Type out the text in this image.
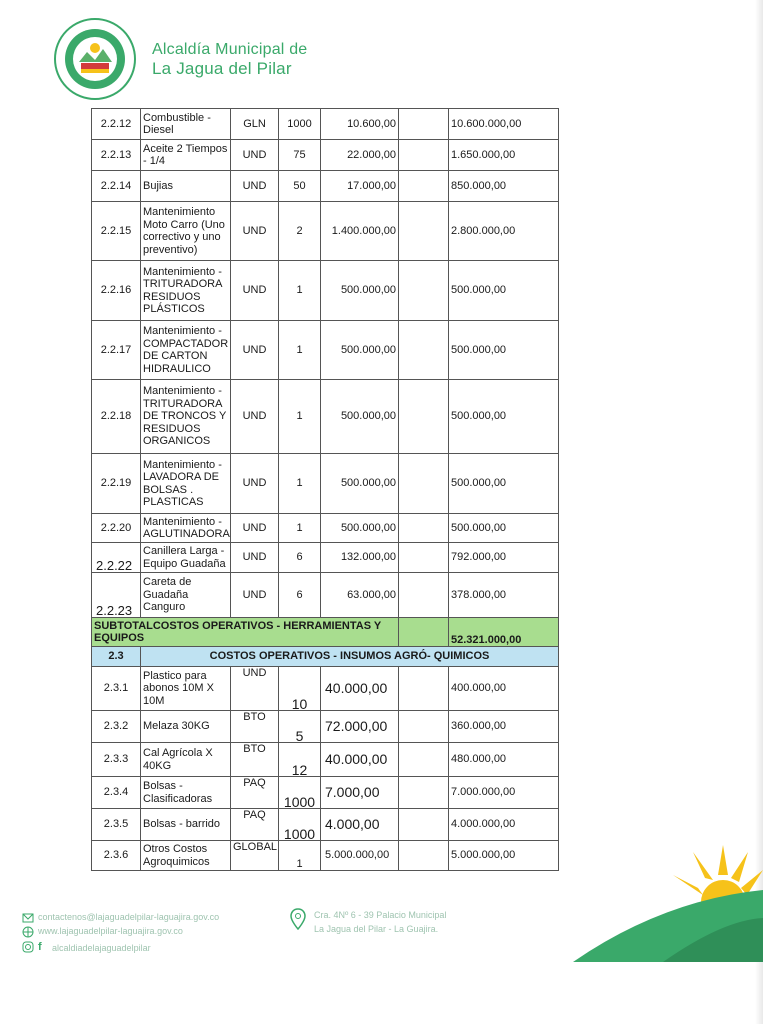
Alcaldía Municipal de
La Jagua del Pilar
2.2.12	Combustible - Diesel	GLN	1000	10.600,00		10.600.000,00
2.2.13	Aceite 2 Tiempos - 1/4	UND	75	22.000,00		1.650.000,00
2.2.14	Bujias	UND	50	17.000,00		850.000,00
2.2.15	Mantenimiento Moto Carro (Uno correctivo y uno preventivo)	UND	2	1.400.000,00		2.800.000,00
2.2.16	Mantenimiento - TRITURADORA RESIDUOS PLÁSTICOS	UND	1	500.000,00		500.000,00
2.2.17	Mantenimiento - COMPACTADOR DE CARTON HIDRAULICO	UND	1	500.000,00		500.000,00
2.2.18	Mantenimiento - TRITURADORA DE TRONCOS Y RESIDUOS ORGANICOS	UND	1	500.000,00		500.000,00
2.2.19	Mantenimiento - LAVADORA DE BOLSAS . PLASTICAS	UND	1	500.000,00		500.000,00
2.2.20	Mantenimiento - AGLUTINADORA	UND	1	500.000,00		500.000,00
2.2.22	Canillera Larga - Equipo Guadaña	UND	6	132.000,00		792.000,00
2.2.23	Careta de Guadaña Canguro	UND	6	63.000,00		378.000,00
SUBTOTALCOSTOS OPERATIVOS - HERRAMIENTAS Y EQUIPOS						52.321.000,00
2.3	COSTOS OPERATIVOS - INSUMOS AGRÓ- QUIMICOS					
2.3.1	Plastico para abonos 10M X 10M	UND	10	40.000,00		400.000,00
2.3.2	Melaza 30KG	BTO	5	72.000,00		360.000,00
2.3.3	Cal Agrícola X 40KG	BTO	12	40.000,00		480.000,00
2.3.4	Bolsas - Clasificadoras	PAQ	1000	7.000,00		7.000.000,00
2.3.5	Bolsas - barrido	PAQ	1000	4.000,00		4.000.000,00
2.3.6	Otros Costos Agroquimicos	GLOBAL	1	5.000.000,00		5.000.000,00
contactenos@lajaguadelpilar-laguajira.gov.co
www.lajaguadelpilar-laguajira.gov.co
f alcaldiadelajaguadelpilar
Cra. 4Nº 6 - 39 Palacio Municipal
La Jagua del Pilar - La Guajira.
